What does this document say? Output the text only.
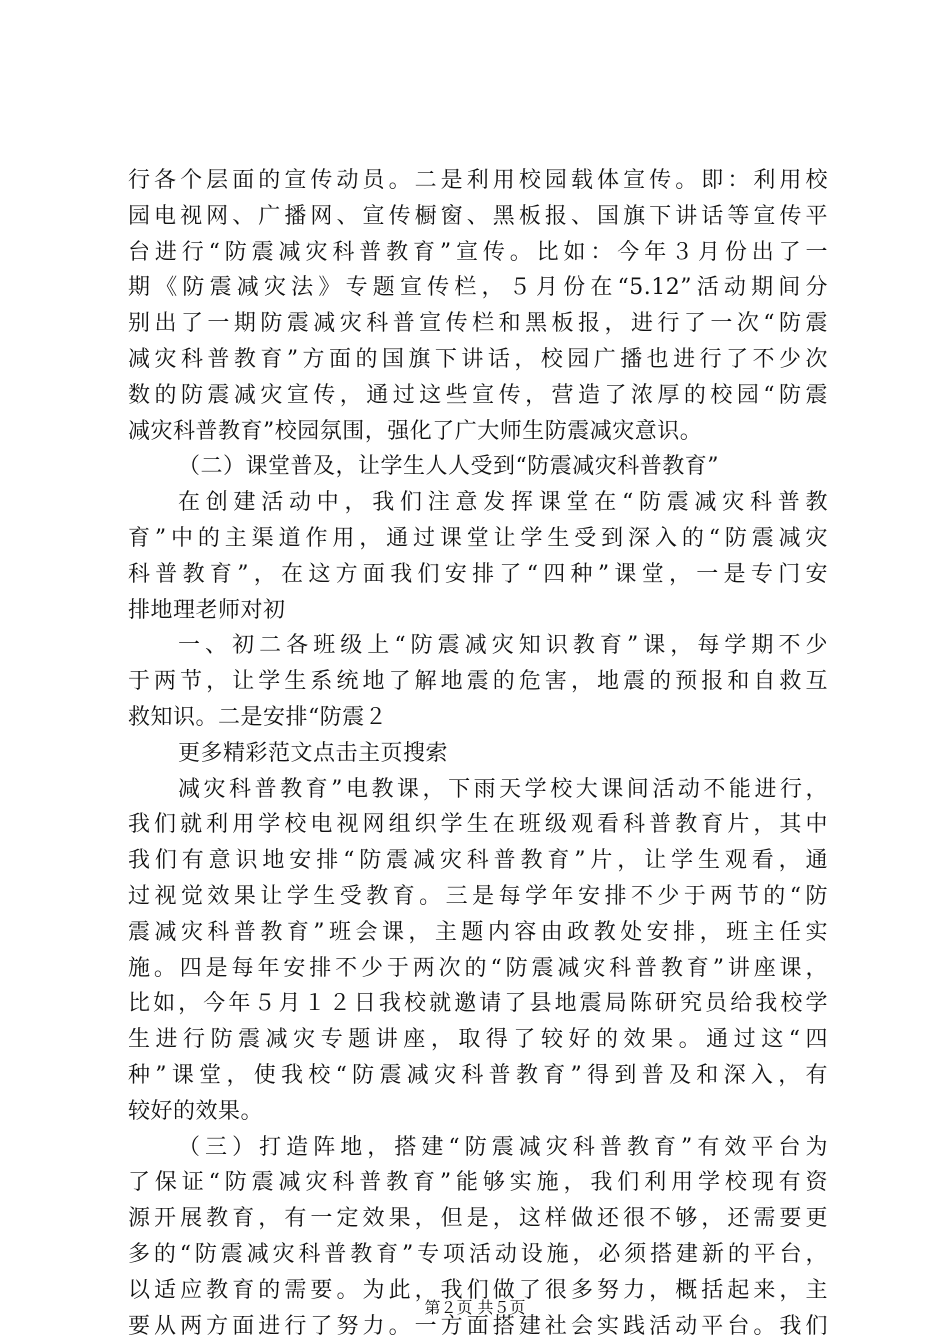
行各个层面的宣传动员。二是利用校园载体宣传。即：利用校
园电视网、广播网、宣传橱窗、黑板报、国旗下讲话等宣传平
台进行“防震减灾科普教育”宣传。比如：今年３月份出了一
期《防震减灾法》专题宣传栏，５月份在“5.12”活动期间分
别出了一期防震减灾科普宣传栏和黑板报，进行了一次“防震
减灾科普教育”方面的国旗下讲话，校园广播也进行了不少次
数的防震减灾宣传，通过这些宣传，营造了浓厚的校园“防震
减灾科普教育”校园氛围，强化了广大师生防震减灾意识。
（二）课堂普及，让学生人人受到“防震减灾科普教育”
在创建活动中，我们注意发挥课堂在“防震减灾科普教
育”中的主渠道作用，通过课堂让学生受到深入的“防震减灾
科普教育”，在这方面我们安排了“四种”课堂，一是专门安
排地理老师对初
一、初二各班级上“防震减灾知识教育”课，每学期不少
于两节，让学生系统地了解地震的危害，地震的预报和自救互
救知识。二是安排“防震２
更多精彩范文点击主页搜索
减灾科普教育”电教课，下雨天学校大课间活动不能进行，
我们就利用学校电视网组织学生在班级观看科普教育片，其中
我们有意识地安排“防震减灾科普教育”片，让学生观看，通
过视觉效果让学生受教育。三是每学年安排不少于两节的“防
震减灾科普教育”班会课，主题内容由政教处安排，班主任实
施。四是每年安排不少于两次的“防震减灾科普教育”讲座课，
比如，今年５月１２日我校就邀请了县地震局陈研究员给我校学
生进行防震减灾专题讲座，取得了较好的效果。通过这“四
种”课堂，使我校“防震减灾科普教育”得到普及和深入，有
较好的效果。
（三）打造阵地，搭建“防震减灾科普教育”有效平台为
了保证“防震减灾科普教育”能够实施，我们利用学校现有资
源开展教育，有一定效果，但是，这样做还很不够，还需要更
多的“防震减灾科普教育”专项活动设施，必须搭建新的平台，
以适应教育的需要。为此，我们做了很多努力，概括起来，主
要从两方面进行了努力。一方面搭建社会实践活动平台。我们
第２页 共５页
